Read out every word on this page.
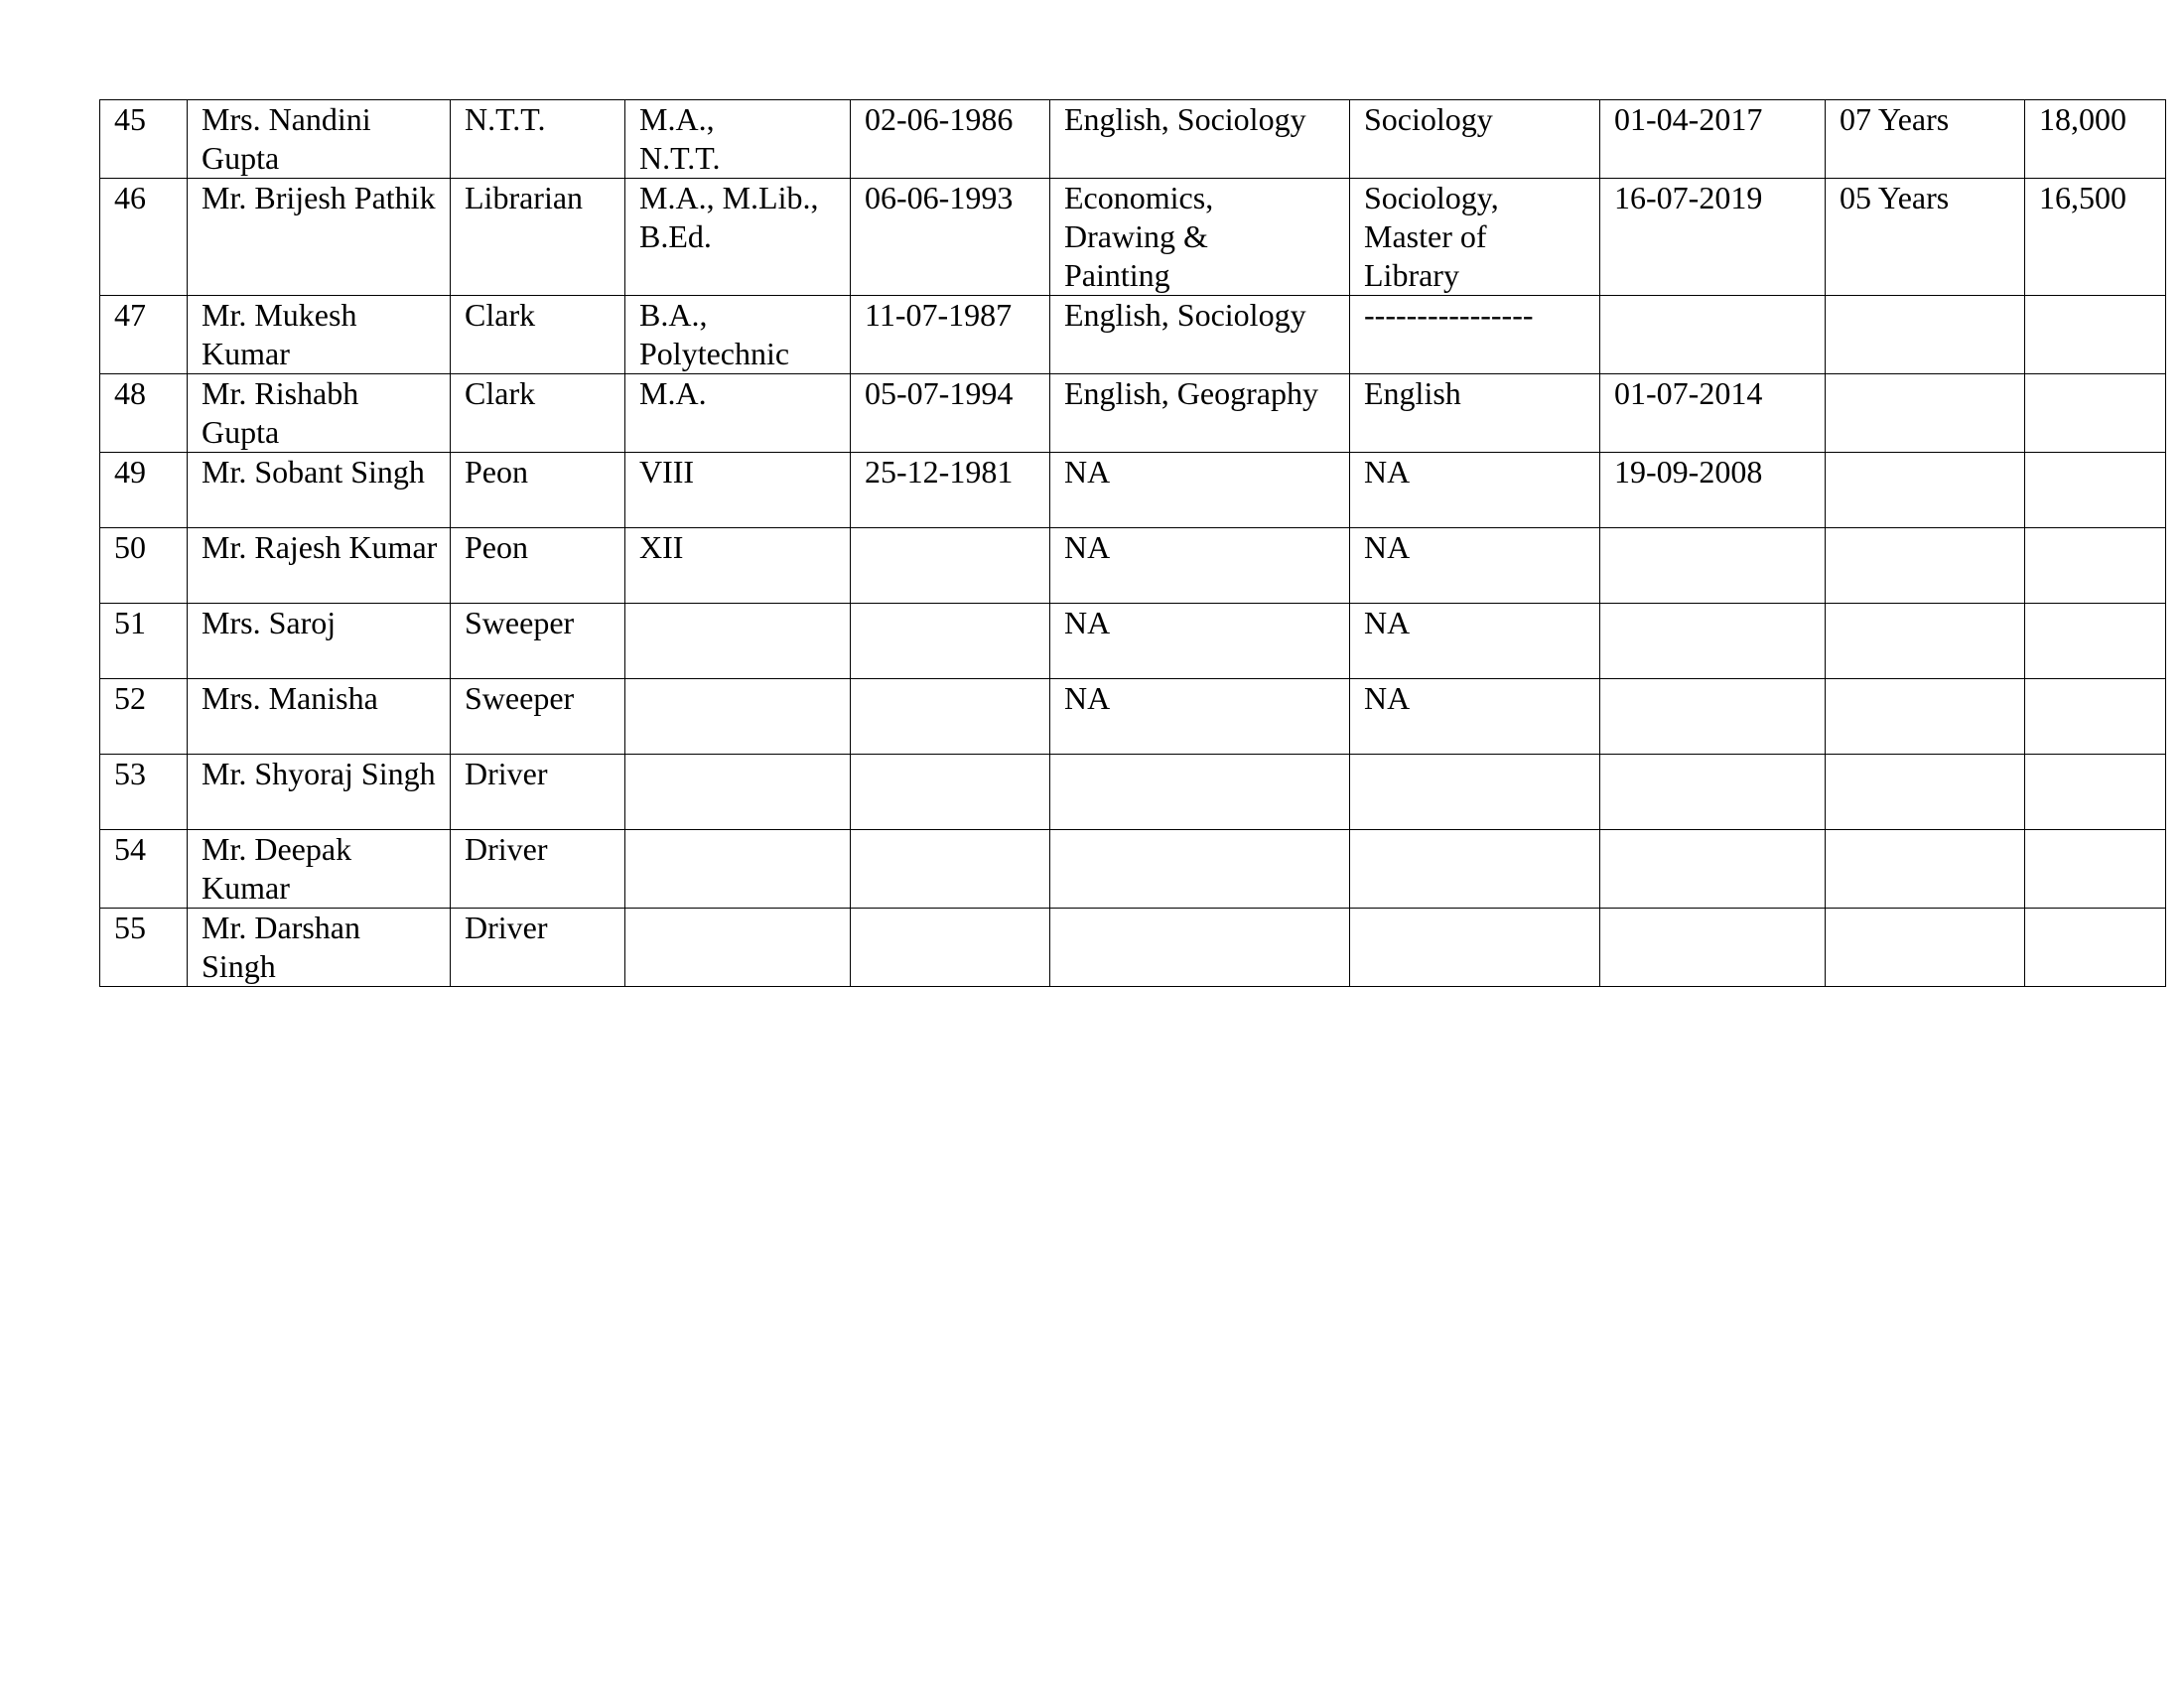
45	Mrs. Nandini Gupta	N.T.T.	M.A.,
N.T.T.	02-06-1986	English, Sociology	Sociology	01-04-2017	07 Years	18,000
46	Mr. Brijesh Pathik	Librarian	M.A., M.Lib.,
B.Ed.	06-06-1993	Economics,
Drawing &
Painting	Sociology,
Master of
Library	16-07-2019	05 Years	16,500
47	Mr. Mukesh Kumar	Clark	B.A.,
Polytechnic	11-07-1987	English, Sociology	----------------			
48	Mr. Rishabh Gupta	Clark	M.A.	05-07-1994	English, Geography	English	01-07-2014		
49	Mr. Sobant Singh	Peon	VIII	25-12-1981	NA	NA	19-09-2008		
50	Mr. Rajesh Kumar	Peon	XII		NA	NA			
51	Mrs. Saroj	Sweeper			NA	NA			
52	Mrs. Manisha	Sweeper			NA	NA			
53	Mr. Shyoraj Singh	Driver							
54	Mr. Deepak Kumar	Driver							
55	Mr. Darshan Singh	Driver							
